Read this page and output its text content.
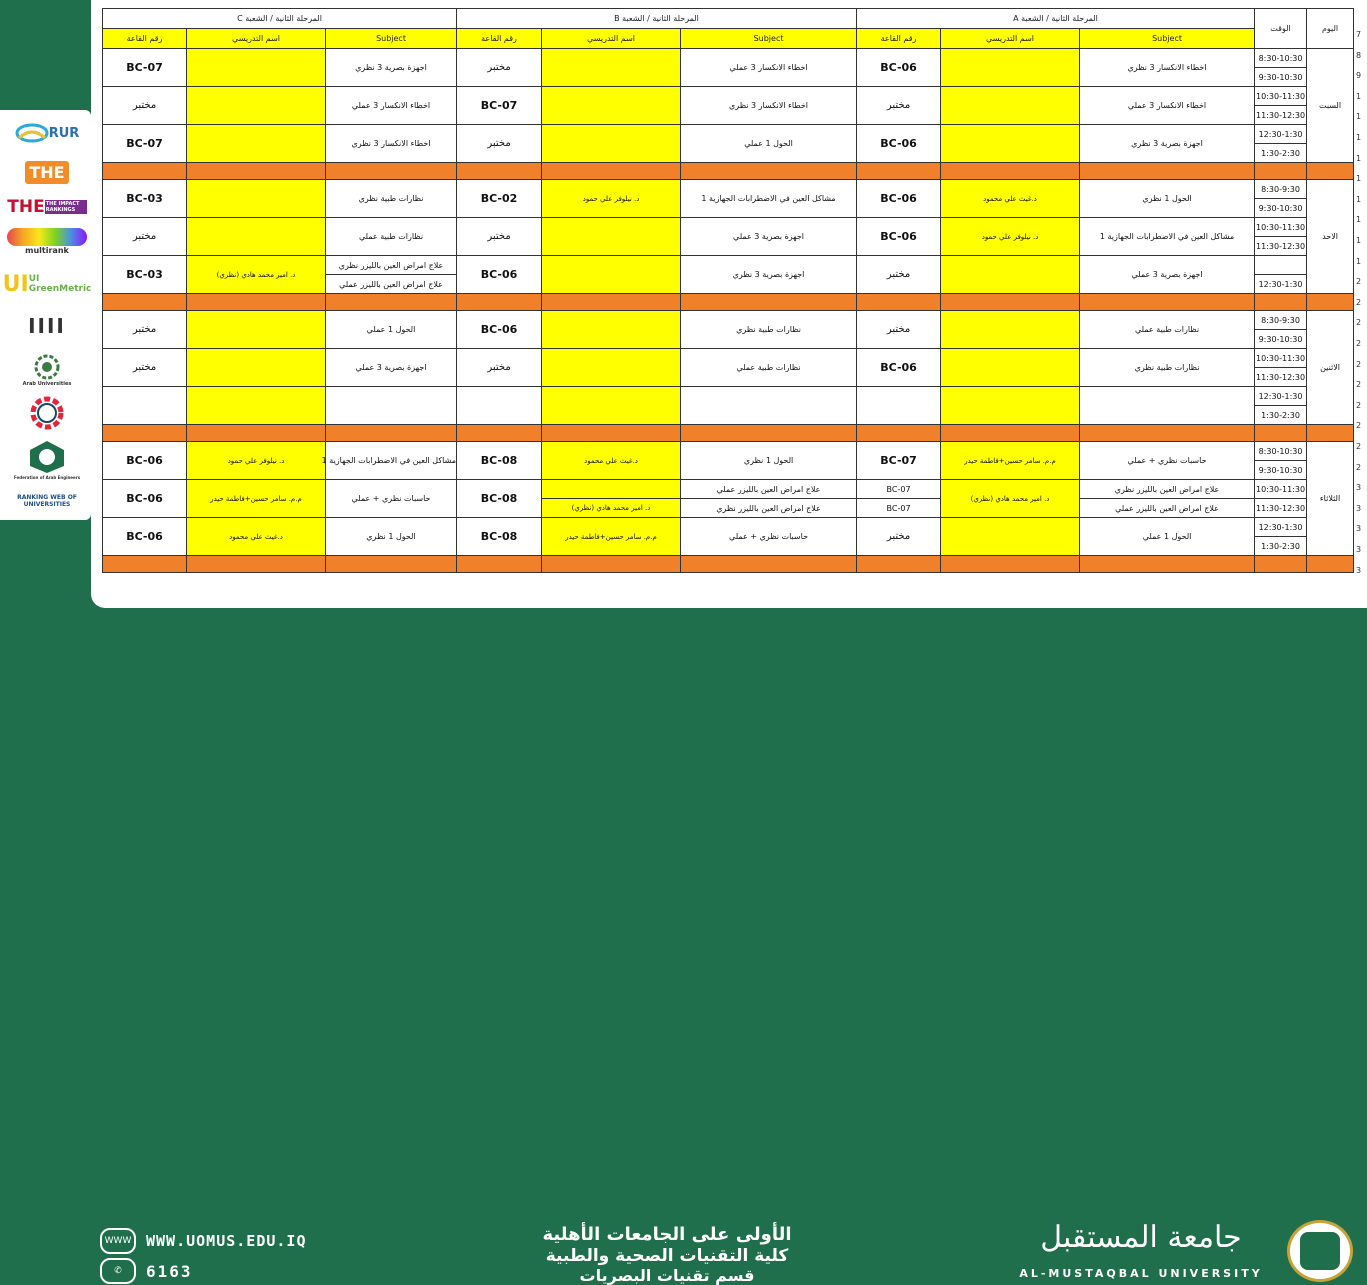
RUR
THE
THE THE IMPACT RANKINGS
multirank
UI UI GreenMetric
ΙΙΙΙ
Arab Universities
Federation of Arab Engineers
RANKING WEB OF UNIVERSITIES
اليوم	الوقت	المرحلة الثانية / الشعبة A			المرحلة الثانية / الشعبة B			المرحلة الثانية / الشعبة C		
		Subject	اسم التدريسي	رقم القاعة	Subject	اسم التدريسي	رقم القاعة	Subject	اسم التدريسي	رقم القاعة
السبت	8:30-10:30	اخطاء الانكسار 3 نظري		BC-06	اخطاء الانكسار 3 عملي		مختبر	اجهزة بصرية 3 نظري		BC-07
	9:30-10:30									
	10:30-11:30	اخطاء الانكسار 3 عملي		مختبر	اخطاء الانكسار 3 نظري		BC-07	اخطاء الانكسار 3 عملي		مختبر
	11:30-12:30									
	12:30-1:30	اجهزة بصرية 3 نظري		BC-06	الحول 1 عملي		مختبر	اخطاء الانكسار 3 نظري		BC-07
	1:30-2:30									

الاحد	8:30-9:30	الحول 1 نظري	د.غيث علي محمود	BC-06	مشاكل العين في الاضطرابات الجهازية 1	د. نيلوفر علي حمود	BC-02	نظارات طبية نظري		BC-03
	9:30-10:30									
	10:30-11:30	مشاكل العين في الاضطرابات الجهازية 1	د. نيلوفر علي حمود	BC-06	اجهزة بصرية 3 عملي		مختبر	نظارات طبية عملي		مختبر
	11:30-12:30									
		اجهزة بصرية 3 عملي		مختبر	اجهزة بصرية 3 نظري		BC-06	علاج امراض العين بالليزر نظري	د. امير محمد هادي (نظري)	BC-03
	12:30-1:30							علاج امراض العين بالليزر عملي		

الاثنين	8:30-9:30	نظارات طبية عملي		مختبر	نظارات طبية نظري		BC-06	الحول 1 عملي		مختبر
	9:30-10:30									
	10:30-11:30	نظارات طبية نظري		BC-06	نظارات طبية عملي		مختبر	اجهزة بصرية 3 عملي		مختبر
	11:30-12:30									
	12:30-1:30									
	1:30-2:30									

الثلاثاء	8:30-10:30	حاسبات نظري + عملي	م.م. سامر حسين+فاطمة حيدر	BC-07	الحول 1 نظري	د.غيث علي محمود	BC-08	مشاكل العين في الاضطرابات الجهازية 1	د. نيلوفر علي حمود	BC-06
	9:30-10:30									
	10:30-11:30	علاج امراض العين بالليزر نظري	د. امير محمد هادي (نظري)	BC-07	علاج امراض العين بالليزر عملي		BC-08	حاسبات نظري + عملي	م.م. سامر حسين+فاطمة حيدر	BC-06
	11:30-12:30	علاج امراض العين بالليزر عملي		BC-07	علاج امراض العين بالليزر نظري	د. امير محمد هادي (نظري)				
	12:30-1:30	الحول 1 عملي		مختبر	حاسبات نظري + عملي	م.م. سامر حسين+فاطمة حيدر	BC-08	الحول 1 نظري	د.غيث علي محمود	BC-06
	1:30-2:30									

7
8
9
1
1
1
1
1
1
1
1
1
2
2
2
2
2
2
2
2
2
2
3
3
3
3
3
WWW WWW.UOMUS.EDU.IQ
✆	6163
الأولى على الجامعات الأهلية
كلية التقنيات الصحية والطبية
قسم تقنيات البصريات
جامعة المستقبل
AL-MUSTAQBAL UNIVERSITY
